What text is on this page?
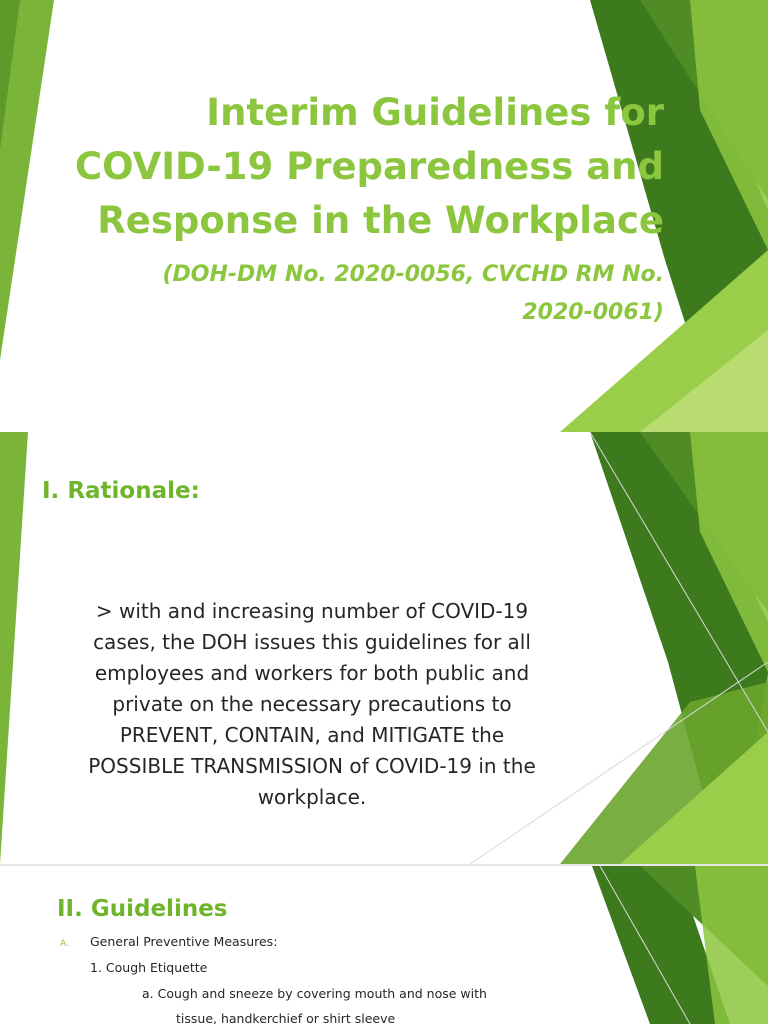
Interim Guidelines for
COVID-19 Preparedness and
Response in the Workplace

(DOH-DM No. 2020-0056, CVCHD RM No.
2020-0061)

I. Rationale:

> with and increasing number of COVID-19
cases, the DOH issues this guidelines for all
employees and workers for both public and
private on the necessary precautions to
PREVENT, CONTAIN, and MITIGATE the
POSSIBLE TRANSMISSION of COVID-19 in the
workplace.

II. Guidelines
A. General Preventive Measures:
1. Cough Etiquette
a. Cough and sneeze by covering mouth and nose with
tissue, handkerchief or shirt sleeve
